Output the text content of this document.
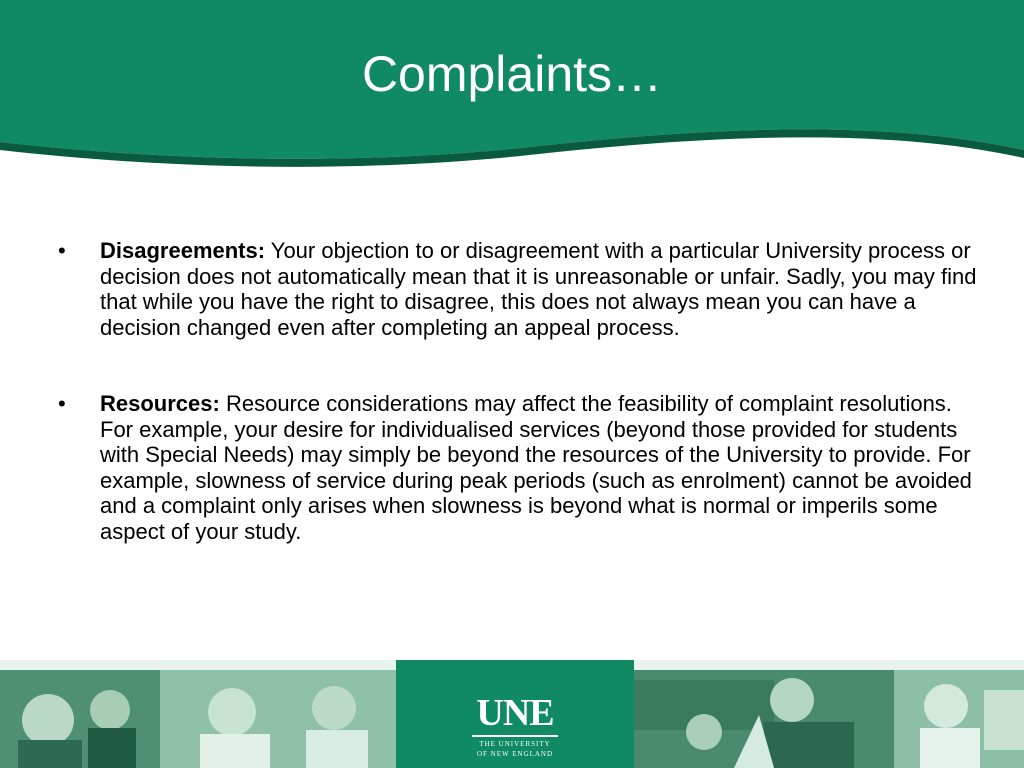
Complaints…
• Disagreements: Your objection to or disagreement with a particular University process or decision does not automatically mean that it is unreasonable or unfair. Sadly, you may find that while you have the right to disagree, this does not always mean you can have a decision changed even after completing an appeal process.
• Resources: Resource considerations may affect the feasibility of complaint resolutions. For example, your desire for individualised services (beyond those provided for students with Special Needs) may simply be beyond the resources of the University to provide. For example, slowness of service during peak periods (such as enrolment) cannot be avoided and a complaint only arises when slowness is beyond what is normal or imperils some aspect of your study.
UNE
THE UNIVERSITY
OF NEW ENGLAND
